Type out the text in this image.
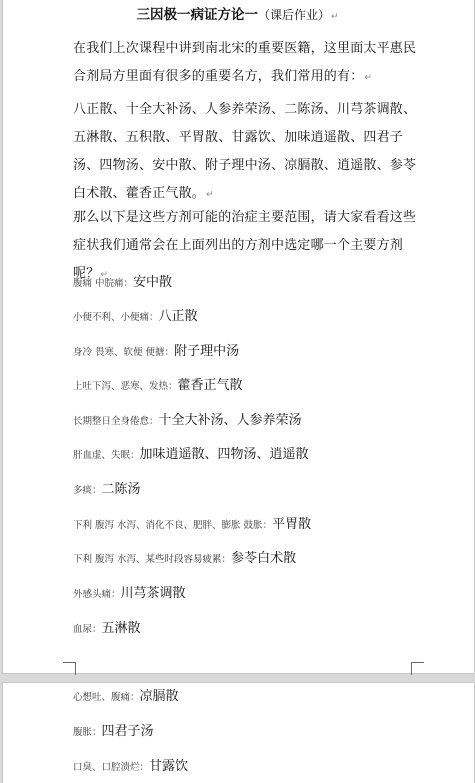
三因极一病证方论一（课后作业）↵
在我们上次课程中讲到南北宋的重要医籍，这里面太平惠民合剂局方里面有很多的重要名方，我们常用的有：↵
八正散、十全大补汤、人参养荣汤、二陈汤、川芎茶调散、五淋散、五积散、平胃散、甘露饮、加味逍遥散、四君子汤、四物汤、安中散、附子理中汤、凉膈散、逍遥散、参苓白术散、藿香正气散。↵
那么以下是这些方剂可能的治症主要范围，请大家看看这些症状我们通常会在上面列出的方剂中选定哪一个主要方剂呢？↵
腹痛 中脘痛：安中散
小便不利、小便痛：八正散
身冷 畏寒、软便 便搪：附子理中汤
上吐下泻、恶寒、发热：藿香正气散
长期整日全身倦怠：十全大补汤、人参养荣汤
肝血虚、失眠：加味逍遥散、四物汤、逍遥散
多痰：二陈汤
下利 腹泻 水泻、消化不良、肥胖、膨胀 鼓胀：平胃散
下利 腹泻 水泻、某些时段容易疲累：参苓白术散
外感头痛：川芎茶调散
血尿：五淋散
心想吐、腹痛：凉膈散
腹胀：四君子汤
口臭、口腔溃烂：甘露饮
